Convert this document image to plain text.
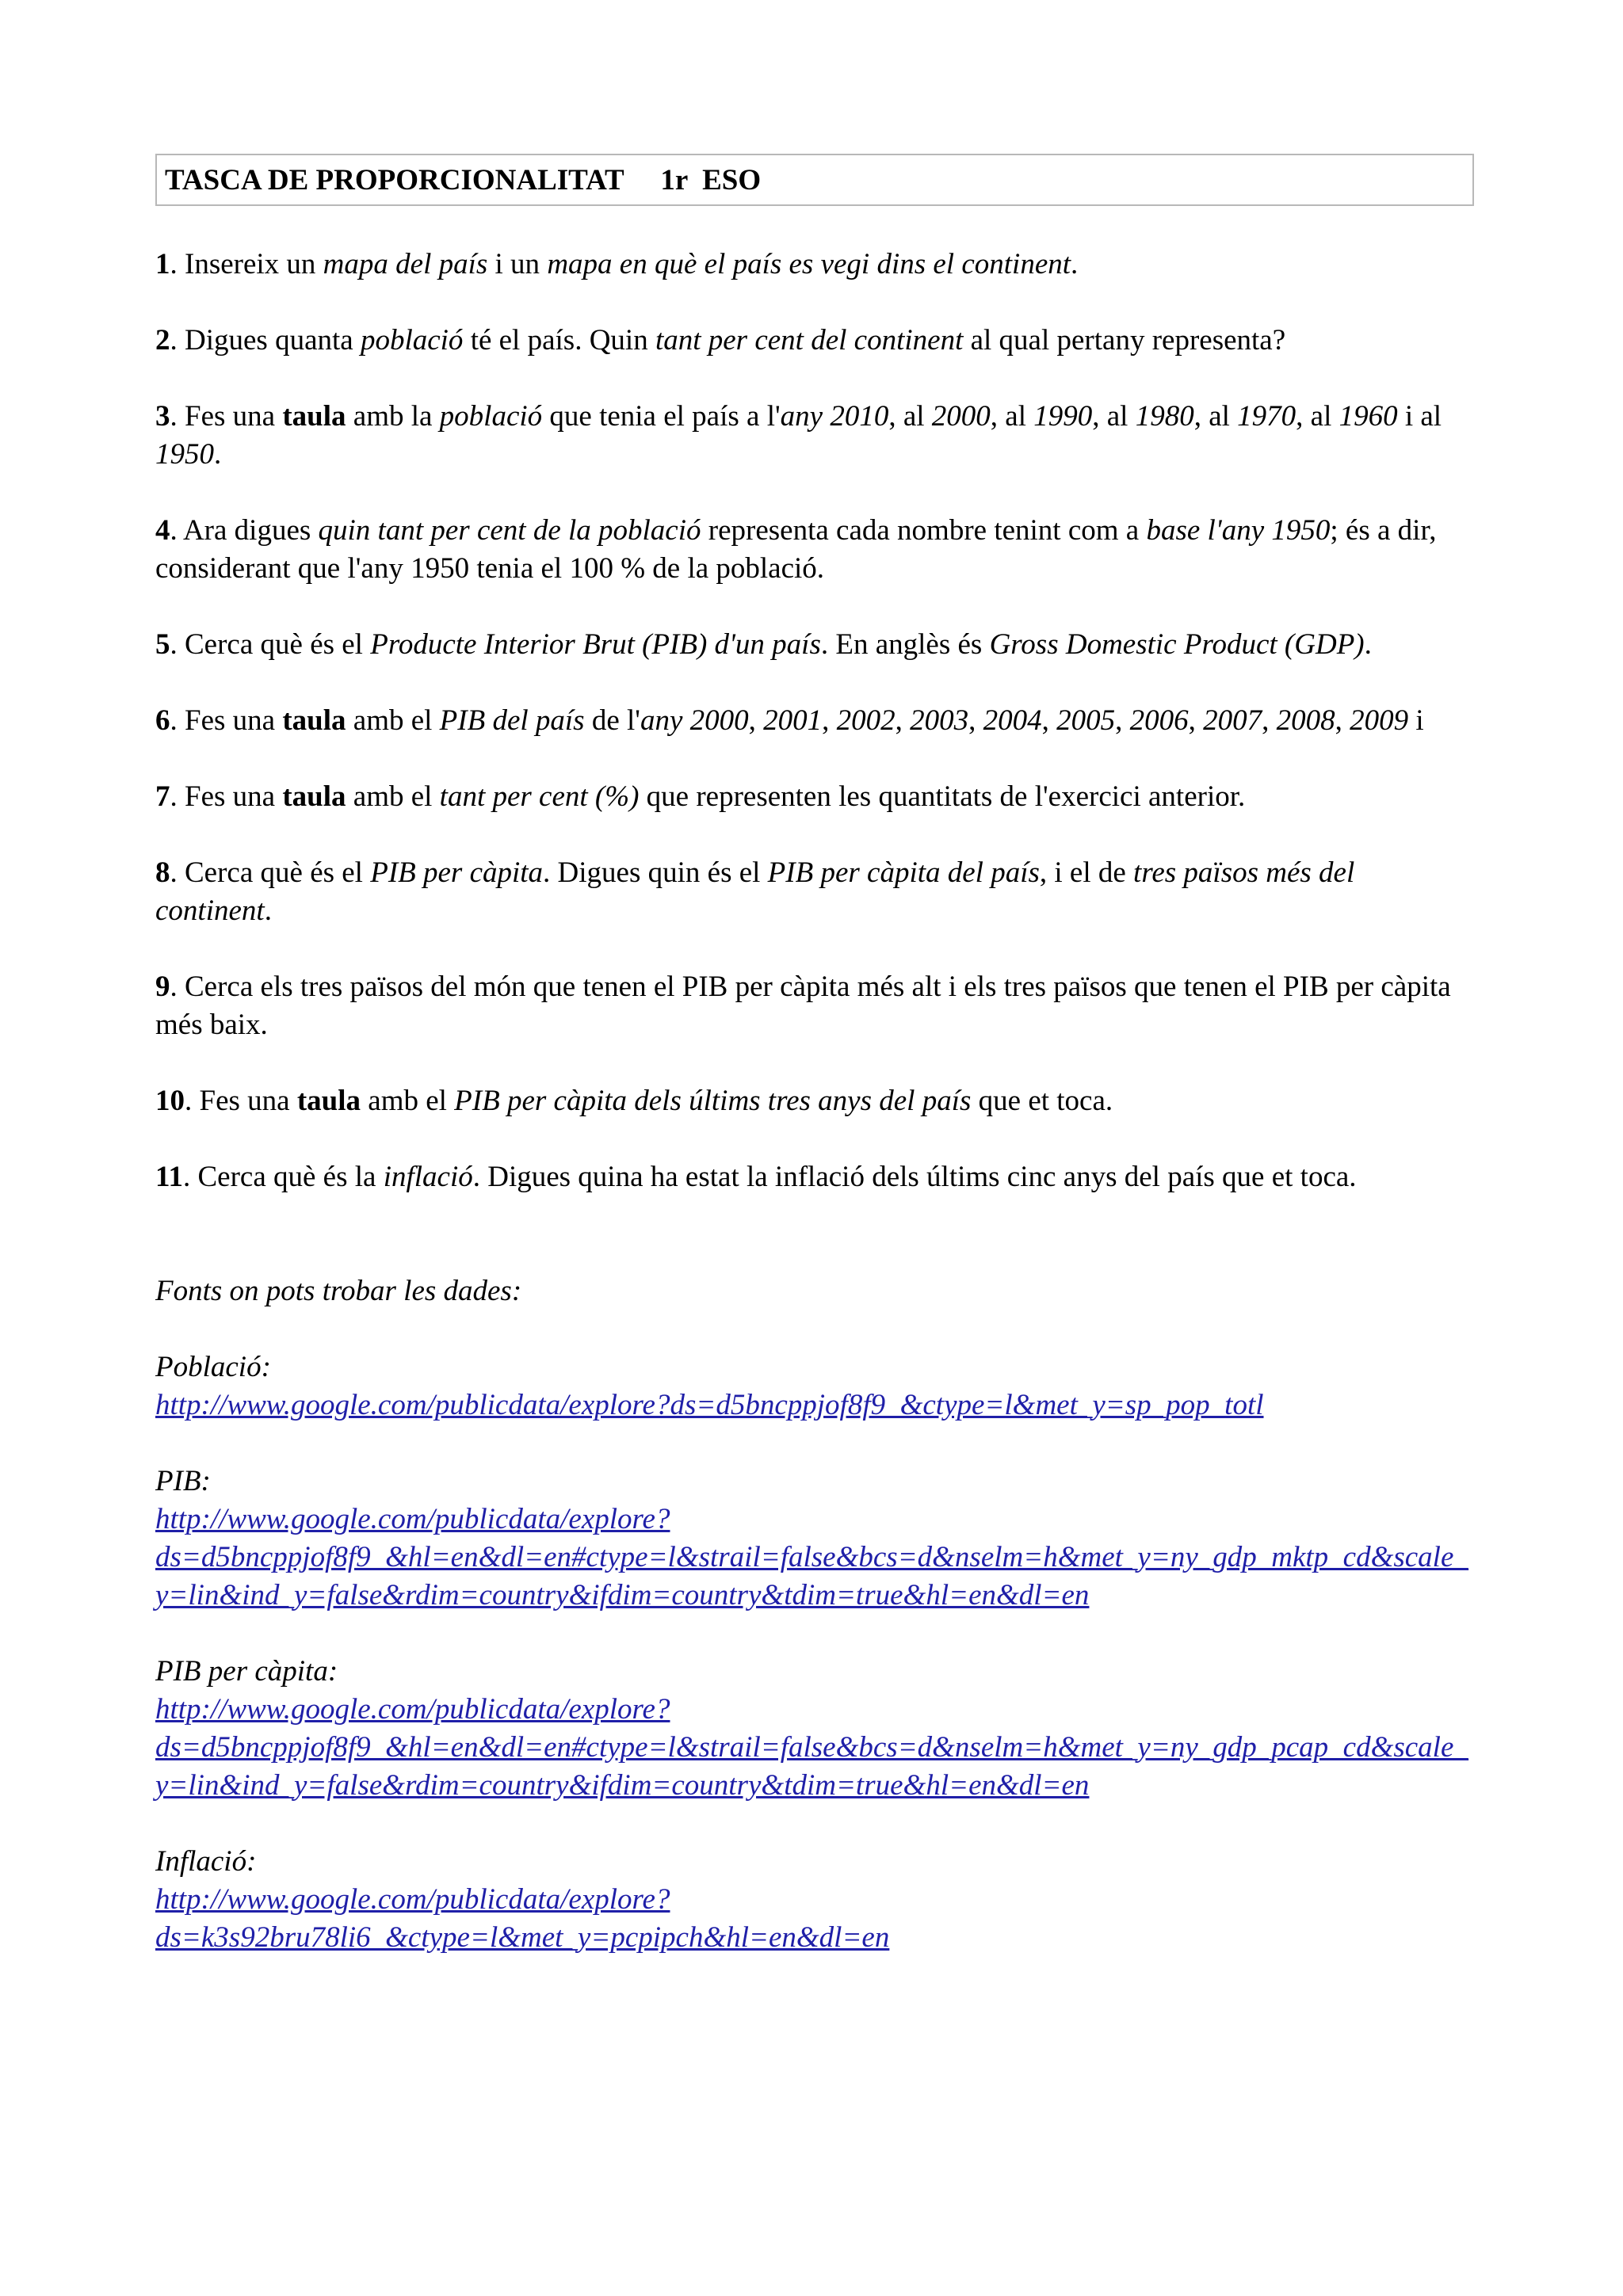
TASCA DE PROPORCIONALITAT     1r  ESO

1. Insereix un mapa del país i un mapa en què el país es vegi dins el continent.

2. Digues quanta població té el país. Quin tant per cent del continent al qual pertany representa?

3. Fes una taula amb la població que tenia el país a l'any 2010, al 2000, al 1990, al 1980, al 1970, al 1960 i al 1950.

4. Ara digues quin tant per cent de la població representa cada nombre tenint com a base l'any 1950; és a dir, considerant que l'any 1950 tenia el 100 % de la població.

5. Cerca què és el Producte Interior Brut (PIB) d'un país. En anglès és Gross Domestic Product (GDP).

6. Fes una taula amb el PIB del país de l'any 2000, 2001, 2002, 2003, 2004, 2005, 2006, 2007, 2008, 2009 i

7. Fes una taula amb el tant per cent (%) que representen les quantitats de l'exercici anterior.

8. Cerca què és el PIB per càpita. Digues quin és el PIB per càpita del país, i el de tres països més del continent.

9. Cerca els tres països del món que tenen el PIB per càpita més alt i els tres països que tenen el PIB per càpita més baix.

10. Fes una taula amb el PIB per càpita dels últims tres anys del país que et toca.

11. Cerca què és la inflació. Digues quina ha estat la inflació dels últims cinc anys del país que et toca.

Fonts on pots trobar les dades:
Població:
http://www.google.com/publicdata/explore?ds=d5bncppjof8f9_&ctype=l&met_y=sp_pop_totl
PIB:
http://www.google.com/publicdata/explore?
ds=d5bncppjof8f9_&hl=en&dl=en#ctype=l&strail=false&bcs=d&nselm=h&met_y=ny_gdp_mktp_cd&scale_y=lin&ind_y=false&rdim=country&ifdim=country&tdim=true&hl=en&dl=en
PIB per càpita:
http://www.google.com/publicdata/explore?
ds=d5bncppjof8f9_&hl=en&dl=en#ctype=l&strail=false&bcs=d&nselm=h&met_y=ny_gdp_pcap_cd&scale_y=lin&ind_y=false&rdim=country&ifdim=country&tdim=true&hl=en&dl=en
Inflació:
http://www.google.com/publicdata/explore?
ds=k3s92bru78li6_&ctype=l&met_y=pcpipch&hl=en&dl=en
